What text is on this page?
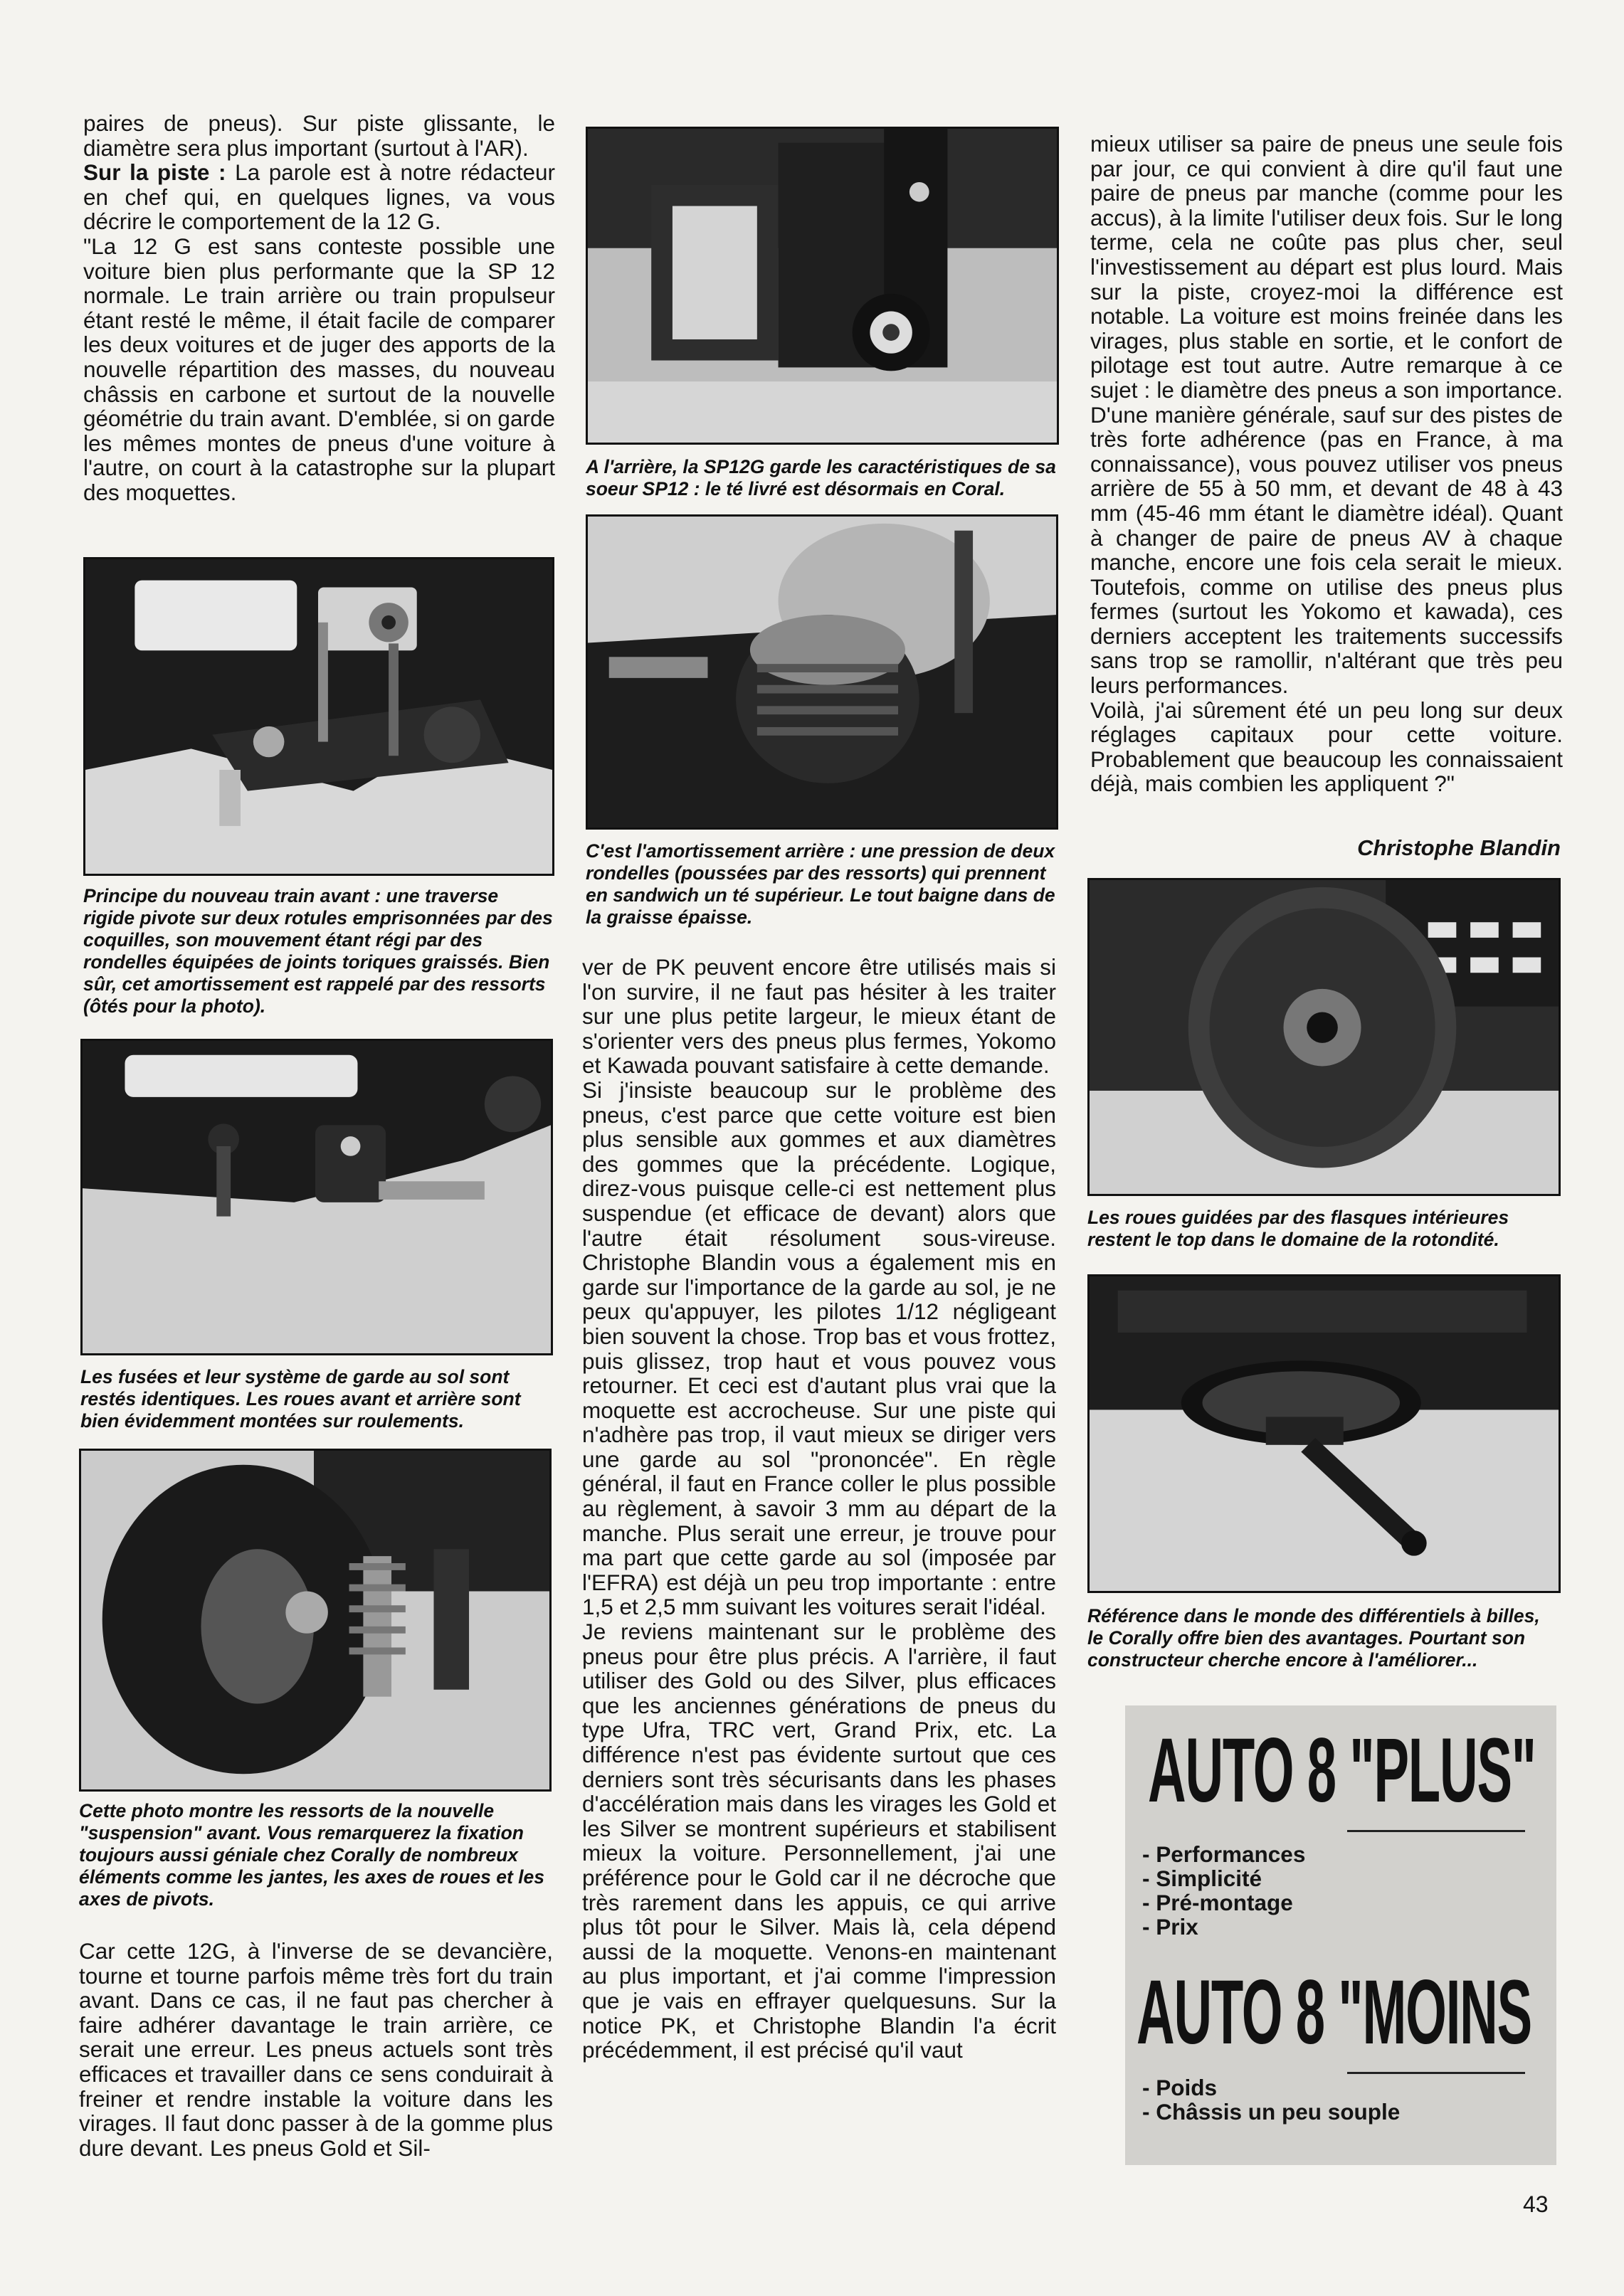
paires de pneus). Sur piste glissante, le diamètre sera plus important (surtout à l'AR).

Sur la piste : La parole est à notre rédacteur en chef qui, en quelques lignes, va vous décrire le comportement de la 12 G.

"La 12 G est sans conteste possible une voiture bien plus performante que la SP 12 normale. Le train arrière ou train propulseur étant resté le même, il était facile de comparer les deux voitures et de juger des apports de la nouvelle répartition des masses, du nouveau châssis en carbone et surtout de la nouvelle géométrie du train avant. D'emblée, si on garde les mêmes montes de pneus d'une voiture à l'autre, on court à la catastrophe sur la plupart des moquettes.

Principe du nouveau train avant : une traverse rigide pivote sur deux rotules emprisonnées par des coquilles, son mouvement étant régi par des rondelles équipées de joints toriques graissés. Bien sûr, cet amortissement est rappelé par des ressorts (ôtés pour la photo).
Les fusées et leur système de garde au sol sont restés identiques. Les roues avant et arrière sont bien évidemment montées sur roulements.
Cette photo montre les ressorts de la nouvelle "suspension" avant. Vous remarquerez la fixation toujours aussi géniale chez Corally de nombreux éléments comme les jantes, les axes de roues et les axes de pivots.

Car cette 12G, à l'inverse de se devancière, tourne et tourne parfois même très fort du train avant. Dans ce cas, il ne faut pas chercher à faire adhérer davantage le train arrière, ce serait une erreur. Les pneus actuels sont très efficaces et travailler dans ce sens conduirait à freiner et rendre instable la voiture dans les virages. Il faut donc passer à de la gomme plus dure devant. Les pneus Gold et Sil-

A l'arrière, la SP12G garde les caractéristiques de sa soeur SP12 : le té livré est désormais en Coral.
C'est l'amortissement arrière : une pression de deux rondelles (poussées par des ressorts) qui prennent en sandwich un té supérieur. Le tout baigne dans de la graisse épaisse.

ver de PK peuvent encore être utilisés mais si l'on survire, il ne faut pas hésiter à les traiter sur une plus petite largeur, le mieux étant de s'orienter vers des pneus plus fermes, Yokomo et Kawada pouvant satisfaire à cette demande.

Si j'insiste beaucoup sur le problème des pneus, c'est parce que cette voiture est bien plus sensible aux gommes et aux diamètres des gommes que la précédente. Logique, direz-vous puisque celle-ci est nettement plus suspendue (et efficace de devant) alors que l'autre était résolument sous-vireuse. Christophe Blandin vous a également mis en garde sur l'importance de la garde au sol, je ne peux qu'appuyer, les pilotes 1/12 négligeant bien souvent la chose. Trop bas et vous frottez, puis glissez, trop haut et vous pouvez vous retourner. Et ceci est d'autant plus vrai que la moquette est accrocheuse. Sur une piste qui n'adhère pas trop, il vaut mieux se diriger vers une garde au sol "prononcée". En règle général, il faut en France coller le plus possible au règlement, à savoir 3 mm au départ de la manche. Plus serait une erreur, je trouve pour ma part que cette garde au sol (imposée par l'EFRA) est déjà un peu trop importante : entre 1,5 et 2,5 mm suivant les voitures serait l'idéal.

Je reviens maintenant sur le problème des pneus pour être plus précis. A l'arrière, il faut utiliser des Gold ou des Silver, plus efficaces que les anciennes générations de pneus du type Ufra, TRC vert, Grand Prix, etc. La différence n'est pas évidente surtout que ces derniers sont très sécurisants dans les phases d'accélération mais dans les virages les Gold et les Silver se montrent supérieurs et stabilisent mieux la voiture. Personnellement, j'ai une préférence pour le Gold car il ne décroche que très rarement dans les appuis, ce qui arrive plus tôt pour le Silver. Mais là, cela dépend aussi de la moquette. Venons-en maintenant au plus important, et j'ai comme l'impression que je vais en effrayer quelquesuns. Sur la notice PK, et Christophe Blandin l'a écrit précédemment, il est précisé qu'il vaut

mieux utiliser sa paire de pneus une seule fois par jour, ce qui convient à dire qu'il faut une paire de pneus par manche (comme pour les accus), à la limite l'utiliser deux fois. Sur le long terme, cela ne coûte pas plus cher, seul l'investissement au départ est plus lourd. Mais sur la piste, croyez-moi la différence est notable. La voiture est moins freinée dans les virages, plus stable en sortie, et le confort de pilotage est tout autre. Autre remarque à ce sujet : le diamètre des pneus a son importance. D'une manière générale, sauf sur des pistes de très forte adhérence (pas en France, à ma connaissance), vous pouvez utiliser vos pneus arrière de 55 à 50 mm, et devant de 48 à 43 mm (45-46 mm étant le diamètre idéal). Quant à changer de paire de pneus AV à chaque manche, encore une fois cela serait le mieux. Toutefois, comme on utilise des pneus plus fermes (surtout les Yokomo et kawada), ces derniers acceptent les traitements successifs sans trop se ramollir, n'altérant que très peu leurs performances.

Voilà, j'ai sûrement été un peu long sur deux réglages capitaux pour cette voiture. Probablement que beaucoup les connaissaient déjà, mais combien les appliquent ?"

Christophe Blandin
Les roues guidées par des flasques intérieures restent le top dans le domaine de la rotondité.
Référence dans le monde des différentiels à billes, le Corally offre bien des avantages. Pourtant son constructeur cherche encore à l'améliorer...
AUTO 8 "PLUS"
- Performances
- Simplicité
- Pré-montage
- Prix
AUTO 8 "MOINS
- Poids
- Châssis un peu souple
43
